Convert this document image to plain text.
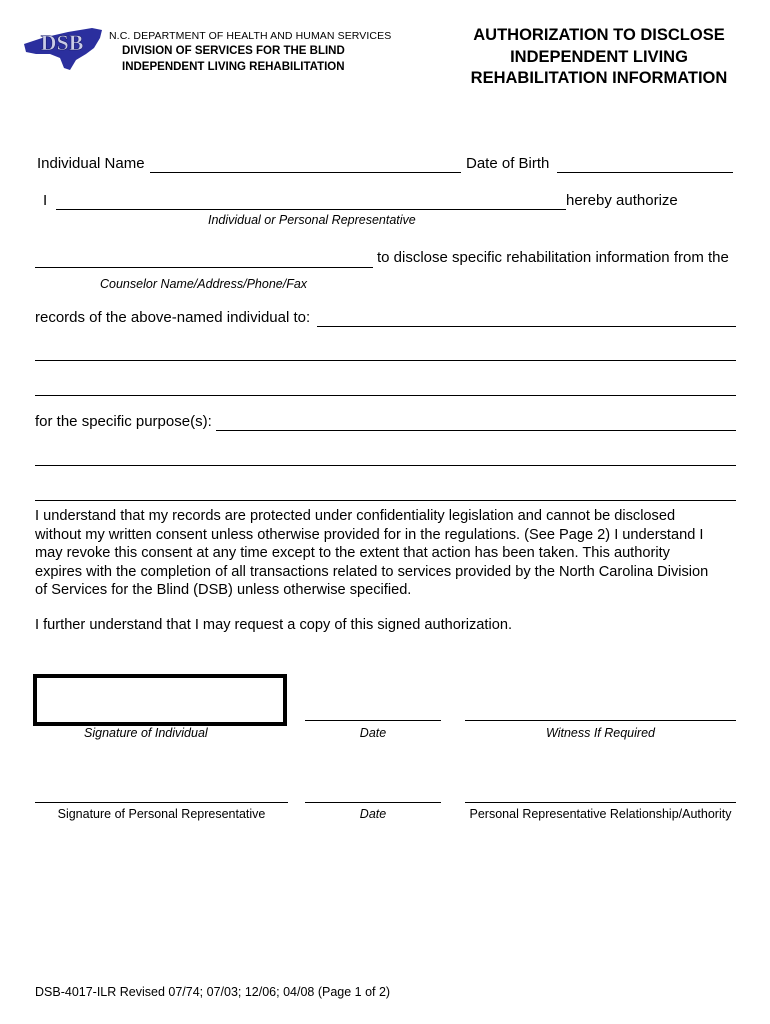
DSB N.C. DEPARTMENT OF HEALTH AND HUMAN SERVICES
DIVISION OF SERVICES FOR THE BLIND
INDEPENDENT LIVING REHABILITATION
AUTHORIZATION TO DISCLOSE
INDEPENDENT LIVING
REHABILITATION INFORMATION
Individual Name	Date of Birth
I	hereby authorize
Individual or Personal Representative
to disclose specific rehabilitation information from the
Counselor Name/Address/Phone/Fax
records of the above-named individual to:
for the specific purpose(s):
I understand that my records are protected under confidentiality legislation and cannot be disclosed
without my written consent unless otherwise provided for in the regulations. (See Page 2) I understand I
may revoke this consent at any time except to the extent that action has been taken. This authority
expires with the completion of all transactions related to services provided by the North Carolina Division
of Services for the Blind (DSB) unless otherwise specified.
I further understand that I may request a copy of this signed authorization.
Signature of Individual	Date	Witness If Required
Signature of Personal Representative	Date	Personal Representative Relationship/Authority
DSB-4017-ILR Revised 07/74; 07/03; 12/06; 04/08 (Page 1 of 2)
